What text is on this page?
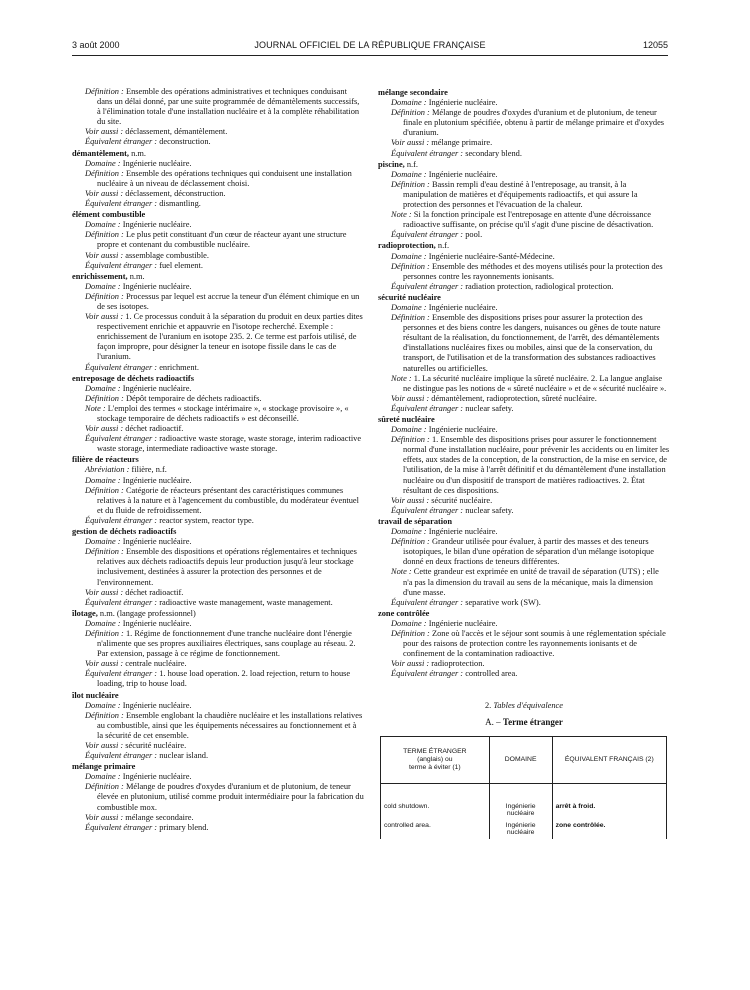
3 août 2000	JOURNAL OFFICIEL DE LA RÉPUBLIQUE FRANÇAISE	12055
Définition : Ensemble des opérations administratives et techniques conduisant dans un délai donné, par une suite programmée de démantèlements successifs, à l'élimination totale d'une installation nucléaire et à la complète réhabilitation du site.
Voir aussi : déclassement, démantèlement.
Équivalent étranger : deconstruction.
démantèlement, n.m.
Domaine : Ingénierie nucléaire.
Définition : Ensemble des opérations techniques qui conduisent une installation nucléaire à un niveau de déclassement choisi.
Voir aussi : déclassement, déconstruction.
Équivalent étranger : dismantling.
élément combustible
Domaine : Ingénierie nucléaire.
Définition : Le plus petit constituant d'un cœur de réacteur ayant une structure propre et contenant du combustible nucléaire.
Voir aussi : assemblage combustible.
Équivalent étranger : fuel element.
enrichissement, n.m.
Domaine : Ingénierie nucléaire.
Définition : Processus par lequel est accrue la teneur d'un élément chimique en un de ses isotopes.
Voir aussi : 1. Ce processus conduit à la séparation du produit en deux parties dites respectivement enrichie et appauvrie en l'isotope recherché. Exemple : enrichissement de l'uranium en isotope 235. 2. Ce terme est parfois utilisé, de façon impropre, pour désigner la teneur en isotope fissile dans le cas de l'uranium.
Équivalent étranger : enrichment.
entreposage de déchets radioactifs
Domaine : Ingénierie nucléaire.
Définition : Dépôt temporaire de déchets radioactifs.
Note : L'emploi des termes « stockage intérimaire », « stockage provisoire », « stockage temporaire de déchets radioactifs » est déconseillé.
Voir aussi : déchet radioactif.
Équivalent étranger : radioactive waste storage, waste storage, interim radioactive waste storage, intermediate radioactive waste storage.
filière de réacteurs
Abréviation : filière, n.f.
Domaine : Ingénierie nucléaire.
Définition : Catégorie de réacteurs présentant des caractéristiques communes relatives à la nature et à l'agencement du combustible, du modérateur éventuel et du fluide de refroidissement.
Équivalent étranger : reactor system, reactor type.
gestion de déchets radioactifs
Domaine : Ingénierie nucléaire.
Définition : Ensemble des dispositions et opérations réglementaires et techniques relatives aux déchets radioactifs depuis leur production jusqu'à leur stockage inclusivement, destinées à assurer la protection des personnes et de l'environnement.
Voir aussi : déchet radioactif.
Équivalent étranger : radioactive waste management, waste management.
îlotage, n.m. (langage professionnel)
Domaine : Ingénierie nucléaire.
Définition : 1. Régime de fonctionnement d'une tranche nucléaire dont l'énergie n'alimente que ses propres auxiliaires électriques, sans couplage au réseau. 2. Par extension, passage à ce régime de fonctionnement.
Voir aussi : centrale nucléaire.
Équivalent étranger : 1. house load operation. 2. load rejection, return to house loading, trip to house load.
îlot nucléaire
Domaine : Ingénierie nucléaire.
Définition : Ensemble englobant la chaudière nucléaire et les installations relatives au combustible, ainsi que les équipements nécessaires au fonctionnement et à la sécurité de cet ensemble.
Voir aussi : sécurité nucléaire.
Équivalent étranger : nuclear island.
mélange primaire
Domaine : Ingénierie nucléaire.
Définition : Mélange de poudres d'oxydes d'uranium et de plutonium, de teneur élevée en plutonium, utilisé comme produit intermédiaire pour la fabrication du combustible mox.
Voir aussi : mélange secondaire.
Équivalent étranger : primary blend.
mélange secondaire
Domaine : Ingénierie nucléaire.
Définition : Mélange de poudres d'oxydes d'uranium et de plutonium, de teneur finale en plutonium spécifiée, obtenu à partir de mélange primaire et d'oxydes d'uranium.
Voir aussi : mélange primaire.
Équivalent étranger : secondary blend.
piscine, n.f.
Domaine : Ingénierie nucléaire.
Définition : Bassin rempli d'eau destiné à l'entreposage, au transit, à la manipulation de matières et d'équipements radioactifs, et qui assure la protection des personnes et l'évacuation de la chaleur.
Note : Si la fonction principale est l'entreposage en attente d'une décroissance radioactive suffisante, on précise qu'il s'agit d'une piscine de désactivation.
Équivalent étranger : pool.
radioprotection, n.f.
Domaine : Ingénierie nucléaire-Santé-Médecine.
Définition : Ensemble des méthodes et des moyens utilisés pour la protection des personnes contre les rayonnements ionisants.
Équivalent étranger : radiation protection, radiological protection.
sécurité nucléaire
Domaine : Ingénierie nucléaire.
Définition : Ensemble des dispositions prises pour assurer la protection des personnes et des biens contre les dangers, nuisances ou gênes de toute nature résultant de la réalisation, du fonctionnement, de l'arrêt, des démantèlements d'installations nucléaires fixes ou mobiles, ainsi que de la conservation, du transport, de l'utilisation et de la transformation des substances radioactives naturelles ou artificielles.
Note : 1. La sécurité nucléaire implique la sûreté nucléaire. 2. La langue anglaise ne distingue pas les notions de « sûreté nucléaire » et de « sécurité nucléaire ».
Voir aussi : démantèlement, radioprotection, sûreté nucléaire.
Équivalent étranger : nuclear safety.
sûreté nucléaire
Domaine : Ingénierie nucléaire.
Définition : 1. Ensemble des dispositions prises pour assurer le fonctionnement normal d'une installation nucléaire, pour prévenir les accidents ou en limiter les effets, aux stades de la conception, de la construction, de la mise en service, de l'utilisation, de la mise à l'arrêt définitif et du démantèlement d'une installation nucléaire ou d'un dispositif de transport de matières radioactives. 2. État résultant de ces dispositions.
Voir aussi : sécurité nucléaire.
Équivalent étranger : nuclear safety.
travail de séparation
Domaine : Ingénierie nucléaire.
Définition : Grandeur utilisée pour évaluer, à partir des masses et des teneurs isotopiques, le bilan d'une opération de séparation d'un mélange isotopique donné en deux fractions de teneurs différentes.
Note : Cette grandeur est exprimée en unité de travail de séparation (UTS) ; elle n'a pas la dimension du travail au sens de la mécanique, mais la dimension d'une masse.
Équivalent étranger : separative work (SW).
zone contrôlée
Domaine : Ingénierie nucléaire.
Définition : Zone où l'accès et le séjour sont soumis à une réglementation spéciale pour des raisons de protection contre les rayonnements ionisants et de confinement de la contamination radioactive.
Voir aussi : radioprotection.
Équivalent étranger : controlled area.
2. Tables d'équivalence
A. – Terme étranger
TERME ÉTRANGER
(anglais) ou
terme à éviter (1)	DOMAINE	ÉQUIVALENT FRANÇAIS (2)
cold shutdown.	Ingénierie nucléaire	arrêt à froid.
controlled area.	Ingénierie nucléaire	zone contrôlée.
